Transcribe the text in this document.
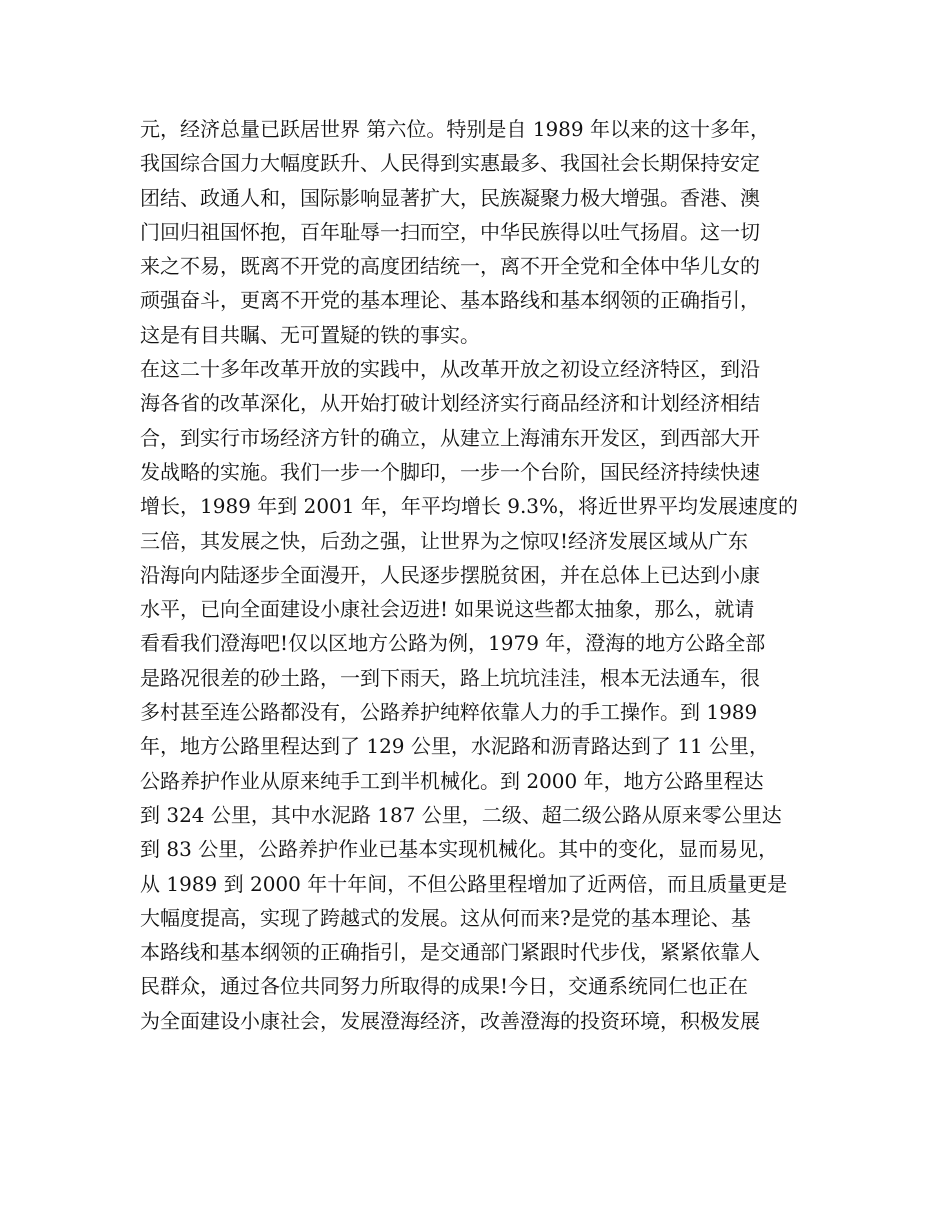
元，经济总量已跃居世界 第六位。特别是自 1989 年以来的这十多年，
我国综合国力大幅度跃升、人民得到实惠最多、我国社会长期保持安定
团结、政通人和，国际影响显著扩大，民族凝聚力极大增强。香港、澳
门回归祖国怀抱，百年耻辱一扫而空，中华民族得以吐气扬眉。这一切
来之不易，既离不开党的高度团结统一，离不开全党和全体中华儿女的
顽强奋斗，更离不开党的基本理论、基本路线和基本纲领的正确指引，
这是有目共瞩、无可置疑的铁的事实。
在这二十多年改革开放的实践中，从改革开放之初设立经济特区，到沿
海各省的改革深化，从开始打破计划经济实行商品经济和计划经济相结
合，到实行市场经济方针的确立，从建立上海浦东开发区，到西部大开
发战略的实施。我们一步一个脚印，一步一个台阶，国民经济持续快速
增长，1989 年到 2001 年，年平均增长 9.3%，将近世界平均发展速度的
三倍，其发展之快，后劲之强，让世界为之惊叹!经济发展区域从广东
沿海向内陆逐步全面漫开，人民逐步摆脱贫困，并在总体上已达到小康
水平，已向全面建设小康社会迈进! 如果说这些都太抽象，那么，就请
看看我们澄海吧!仅以区地方公路为例，1979 年，澄海的地方公路全部
是路况很差的砂土路，一到下雨天，路上坑坑洼洼，根本无法通车，很
多村甚至连公路都没有，公路养护纯粹依靠人力的手工操作。到 1989
年，地方公路里程达到了 129 公里，水泥路和沥青路达到了 11 公里，
公路养护作业从原来纯手工到半机械化。到 2000 年，地方公路里程达
到 324 公里，其中水泥路 187 公里，二级、超二级公路从原来零公里达
到 83 公里，公路养护作业已基本实现机械化。其中的变化，显而易见，
从 1989 到 2000 年十年间，不但公路里程增加了近两倍，而且质量更是
大幅度提高，实现了跨越式的发展。这从何而来?是党的基本理论、基
本路线和基本纲领的正确指引，是交通部门紧跟时代步伐，紧紧依靠人
民群众，通过各位共同努力所取得的成果!今日，交通系统同仁也正在
为全面建设小康社会，发展澄海经济，改善澄海的投资环境，积极发展
